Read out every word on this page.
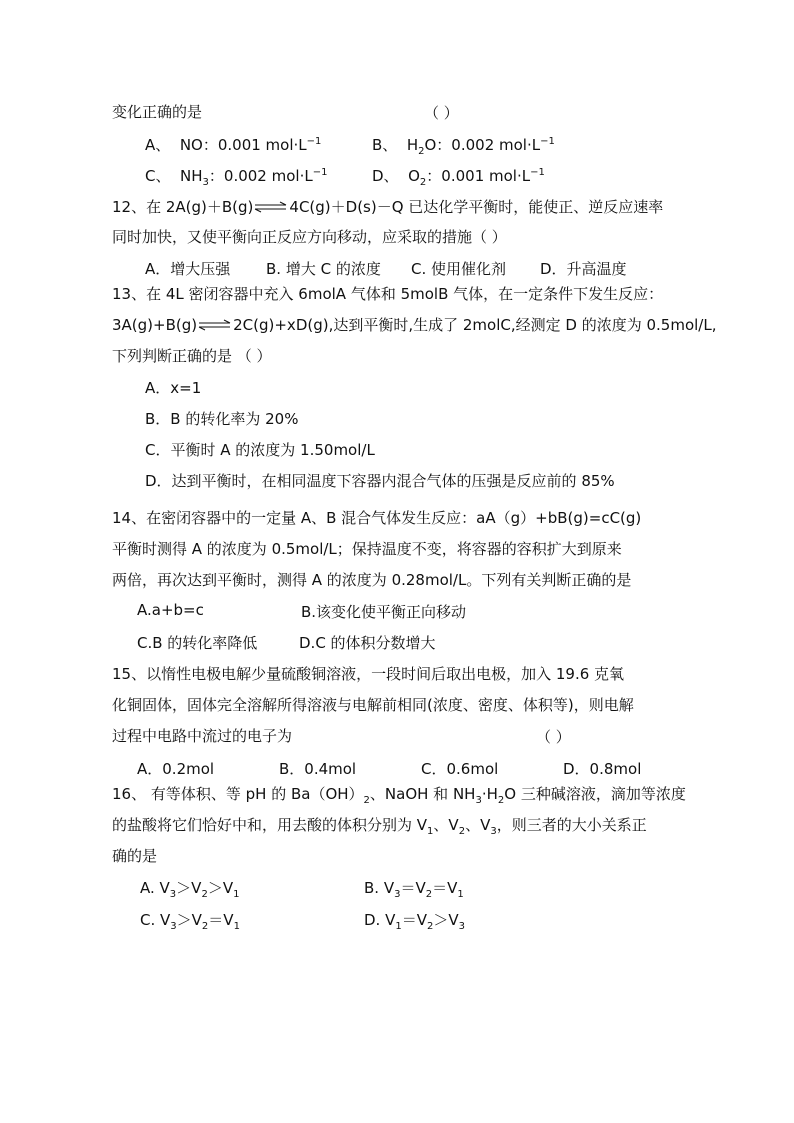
变化正确的是	（ ）
A、 NO：0.001 $mol\cdot L^{-1}$	B、 $H_2O$：0.002 $mol\cdot L^{-1}$
C、 $NH_3$：0.002 $mol\cdot L^{-1}$	D、 $O_2$：0.001 $mol\cdot L^{-1}$
12、在 2A(g)＋B(g)⇌4C(g)＋D(s)－Q 已达化学平衡时，能使正、逆反应速率
同时加快，又使平衡向正反应方向移动，应采取的措施（ ）
A．增大压强 B. 增大 C 的浓度 C. 使用催化剂 D．升高温度
13、在 4L 密闭容器中充入 6molA 气体和 5molB 气体，在一定条件下发生反应：
3A(g)+B(g)⇌2C(g)+xD(g),达到平衡时,生成了 2molC,经测定 D 的浓度为 0.5mol/L,
下列判断正确的是 （ ）
A．x=1
B．B 的转化率为 20%
C．平衡时 A 的浓度为 1.50mol/L
D．达到平衡时，在相同温度下容器内混合气体的压强是反应前的 85%
14、在密闭容器中的一定量 A、B 混合气体发生反应：aA（g）+bB(g)=cC(g)
平衡时测得 A 的浓度为 0.5mol/L；保持温度不变，将容器的容积扩大到原来
两倍，再次达到平衡时，测得 A 的浓度为 0.28mol/L。下列有关判断正确的是
A.a+b=c	B.该变化使平衡正向移动
C.B 的转化率降低	D.C 的体积分数增大
15、以惰性电极电解少量硫酸铜溶液，一段时间后取出电极，加入 19.6 克氧
化铜固体，固体完全溶解所得溶液与电解前相同(浓度、密度、体积等)，则电解
过程中电路中流过的电子为	（ ）
A．0.2mol	B．0.4mol	C．0.6mol	D．0.8mol
16、 有等体积、等 pH 的 $Ba(OH)_2$、NaOH 和 $NH_3\cdot H_2O$ 三种碱溶液，滴加等浓度
的盐酸将它们恰好中和，用去酸的体积分别为 $V_1$、$V_2$、$V_3$，则三者的大小关系正
确的是
A. $V_3>V_2>V_1$	B. $V_3=V_2=V_1$
C. $V_3>V_2=V_1$	D. $V_1=V_2>V_3$
